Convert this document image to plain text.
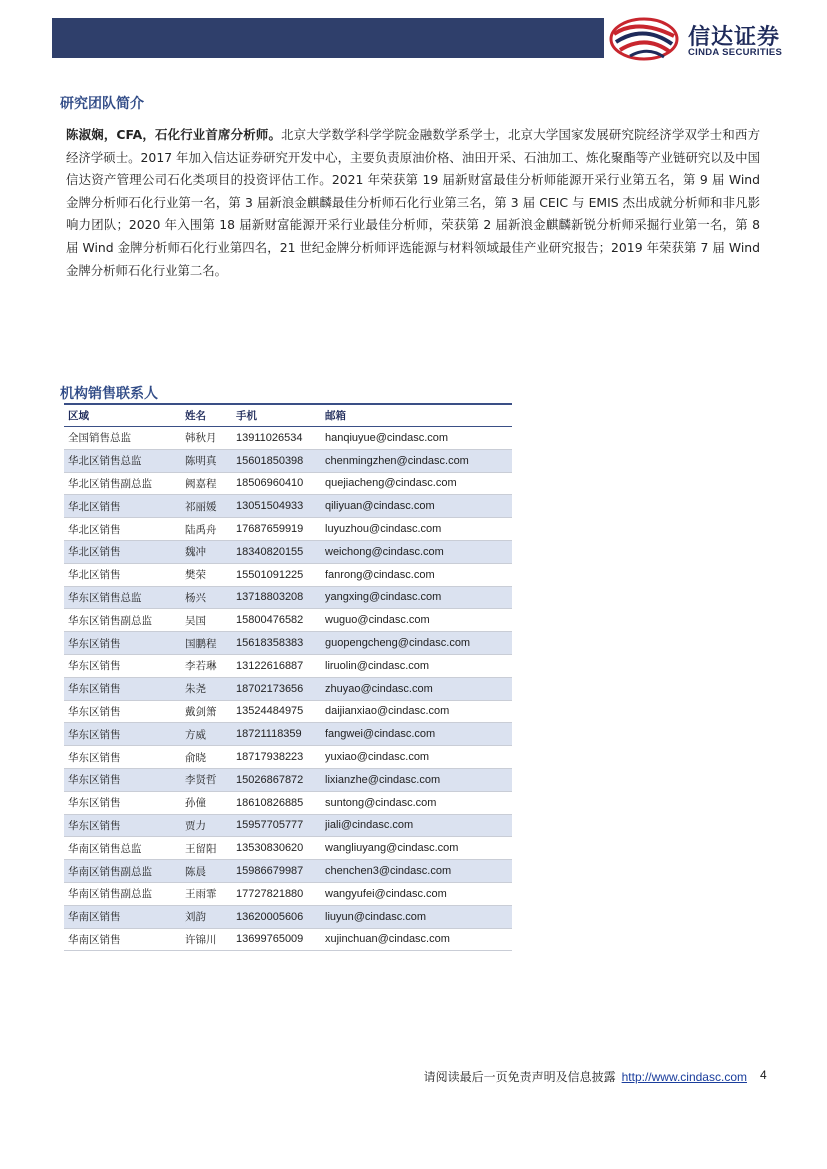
信达证券
CINDA SECURITIES
研究团队简介
陈淑娴，CFA，石化行业首席分析师。北京大学数学科学学院金融数学系学士，北京大学国家发展研究院经济学双学士和西方经济学硕士。2017 年加入信达证券研究开发中心，主要负责原油价格、油田开采、石油加工、炼化聚酯等产业链研究以及中国信达资产管理公司石化类项目的投资评估工作。2021 年荣获第 19 届新财富最佳分析师能源开采行业第五名，第 9 届 Wind 金牌分析师石化行业第一名，第 3 届新浪金麒麟最佳分析师石化行业第三名，第 3 届 CEIC 与 EMIS 杰出成就分析师和非凡影响力团队；2020 年入围第 18 届新财富能源开采行业最佳分析师，荣获第 2 届新浪金麒麟新锐分析师采掘行业第一名，第 8 届 Wind 金牌分析师石化行业第四名，21 世纪金牌分析师评选能源与材料领域最佳产业研究报告；2019 年荣获第 7 届 Wind 金牌分析师石化行业第二名。
机构销售联系人
区域	姓名	手机	邮箱
全国销售总监	韩秋月	13911026534	hanqiuyue@cindasc.com
华北区销售总监	陈明真	15601850398	chenmingzhen@cindasc.com
华北区销售副总监	阙嘉程	18506960410	quejiacheng@cindasc.com
华北区销售	祁丽媛	13051504933	qiliyuan@cindasc.com
华北区销售	陆禹舟	17687659919	luyuzhou@cindasc.com
华北区销售	魏冲	18340820155	weichong@cindasc.com
华北区销售	樊荣	15501091225	fanrong@cindasc.com
华东区销售总监	杨兴	13718803208	yangxing@cindasc.com
华东区销售副总监	吴国	15800476582	wuguo@cindasc.com
华东区销售	国鹏程	15618358383	guopengcheng@cindasc.com
华东区销售	李若琳	13122616887	liruolin@cindasc.com
华东区销售	朱尧	18702173656	zhuyao@cindasc.com
华东区销售	戴剑箫	13524484975	daijianxiao@cindasc.com
华东区销售	方威	18721118359	fangwei@cindasc.com
华东区销售	俞晓	18717938223	yuxiao@cindasc.com
华东区销售	李贤哲	15026867872	lixianzhe@cindasc.com
华东区销售	孙僮	18610826885	suntong@cindasc.com
华东区销售	贾力	15957705777	jiali@cindasc.com
华南区销售总监	王留阳	13530830620	wangliuyang@cindasc.com
华南区销售副总监	陈晨	15986679987	chenchen3@cindasc.com
华南区销售副总监	王雨霏	17727821880	wangyufei@cindasc.com
华南区销售	刘韵	13620005606	liuyun@cindasc.com
华南区销售	许锦川	13699765009	xujinchuan@cindasc.com
请阅读最后一页免责声明及信息披露 http://www.cindasc.com 4
